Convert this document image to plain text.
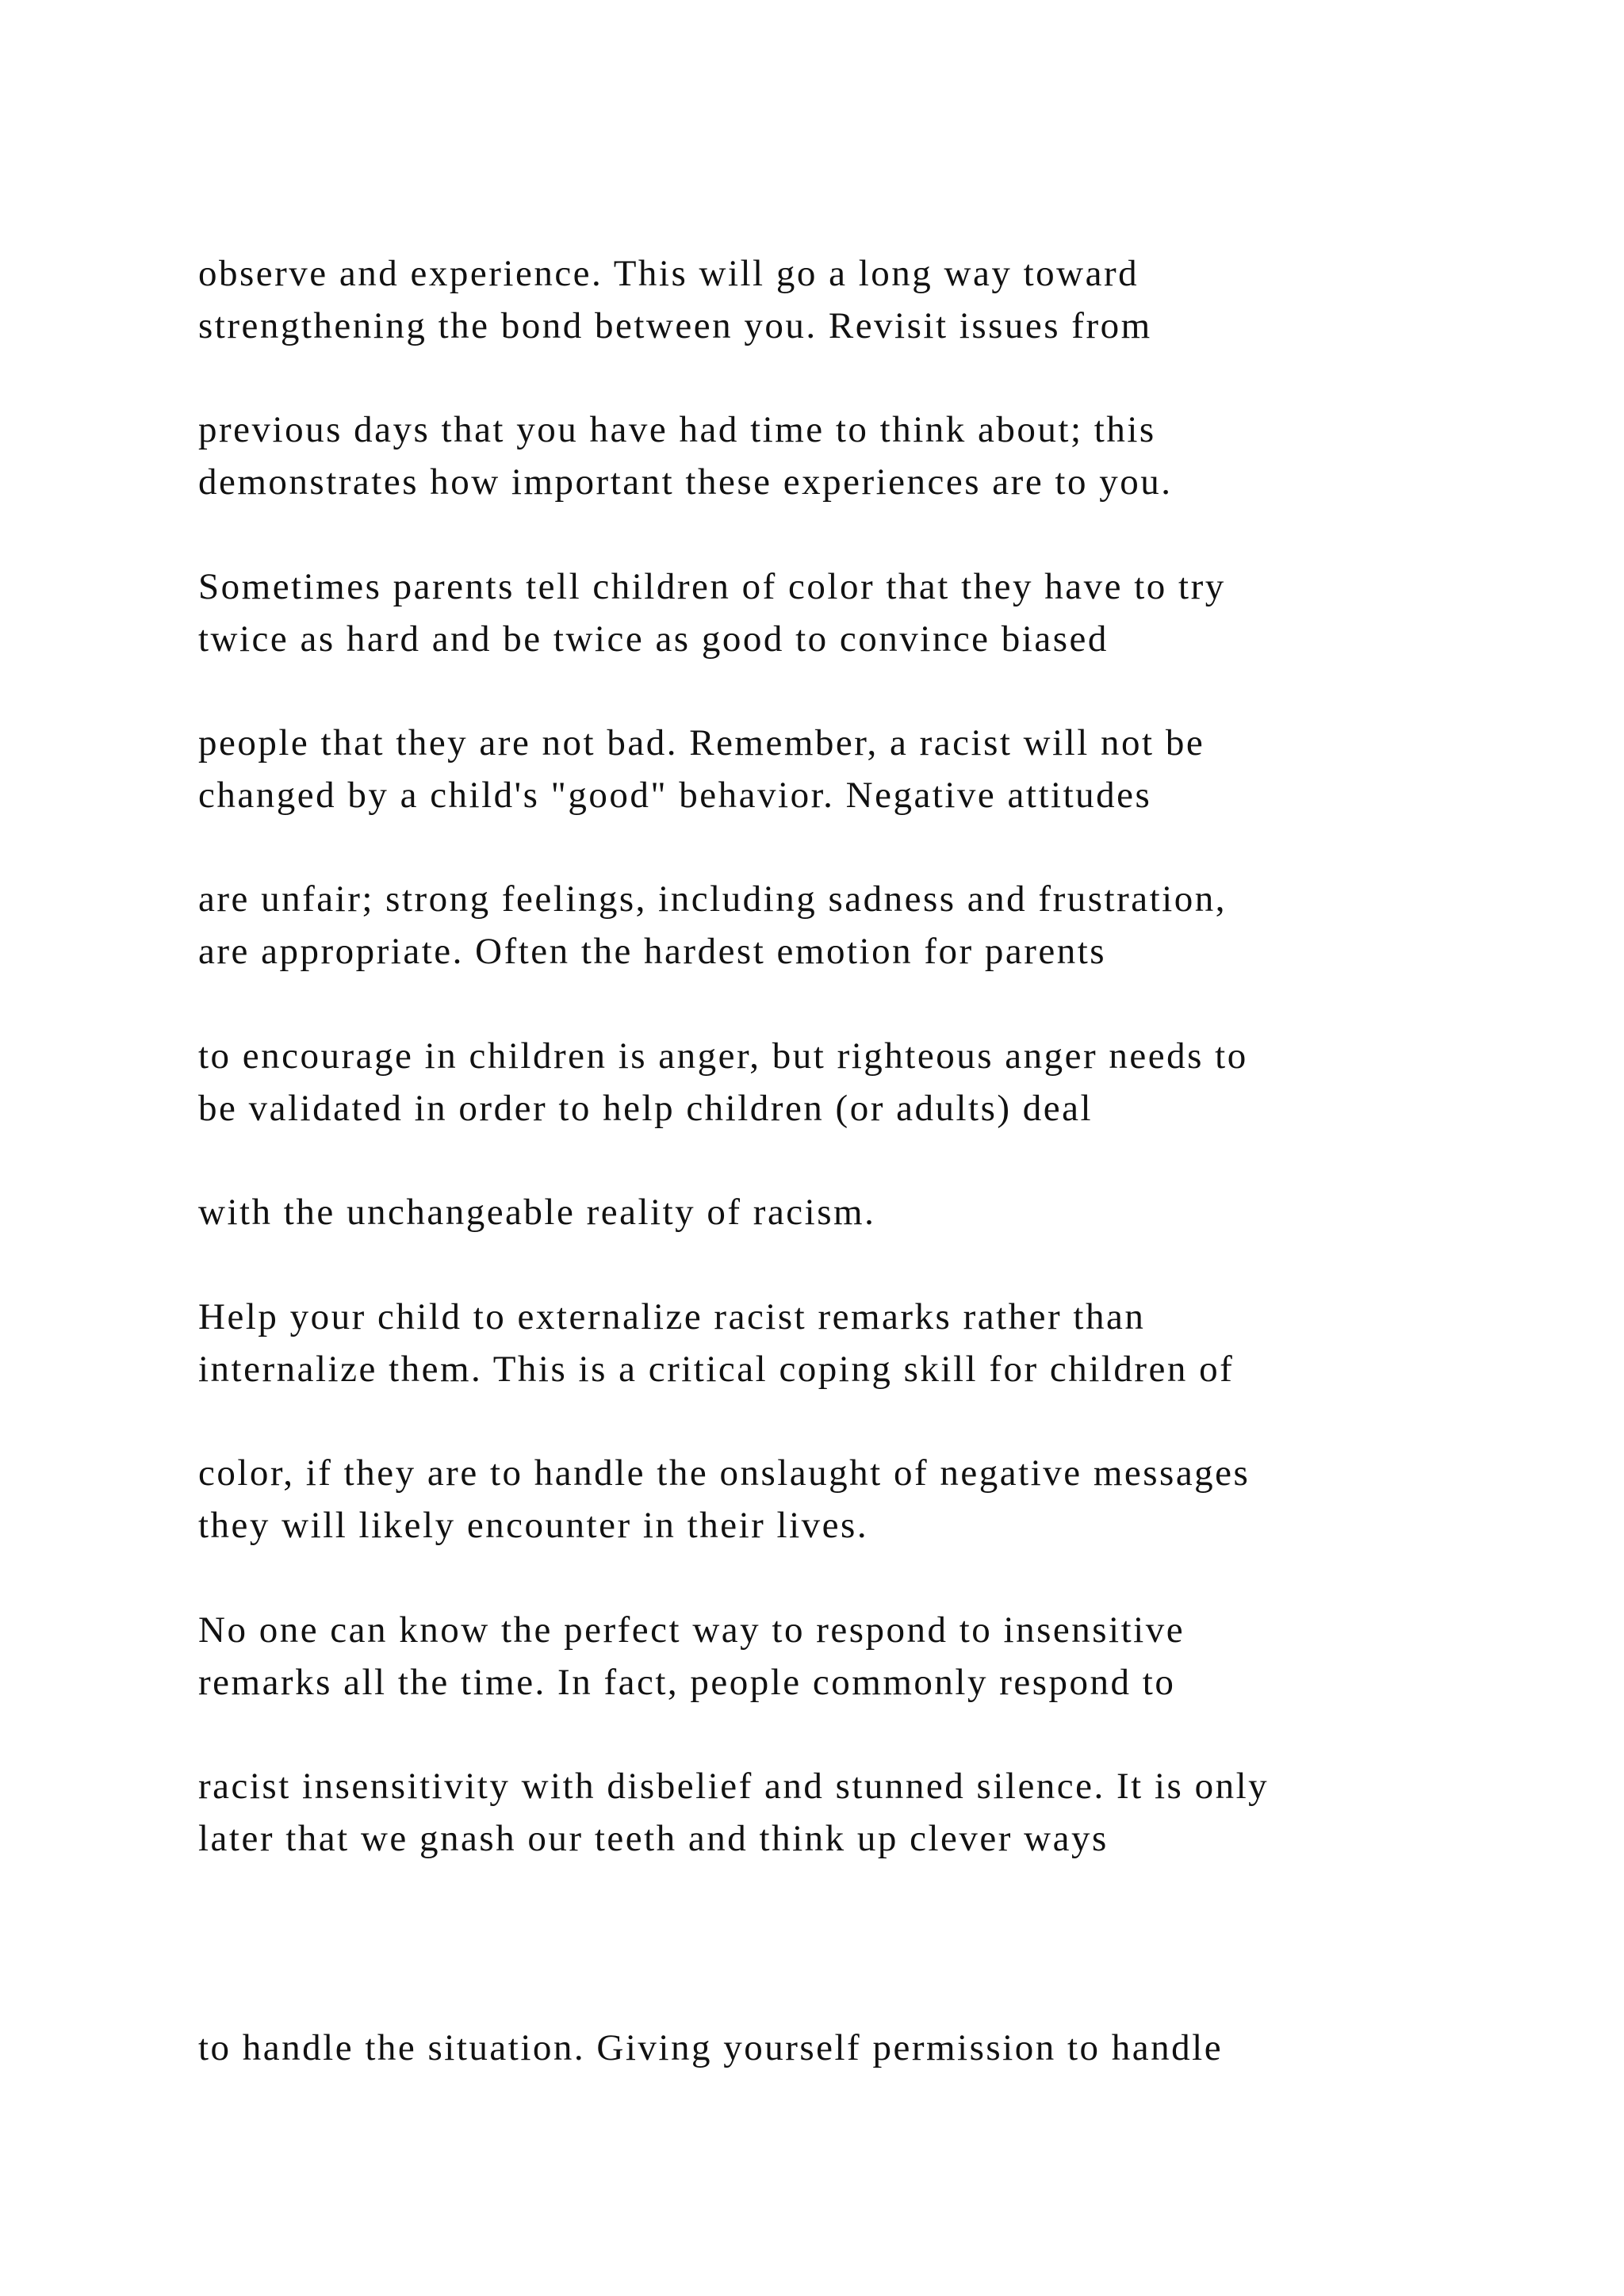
observe and experience. This will go a long way toward

strengthening the bond between you. Revisit issues from

previous days that you have had time to think about; this

demonstrates how important these experiences are to you.

Sometimes parents tell children of color that they have to try

twice as hard and be twice as good to convince biased

people that they are not bad. Remember, a racist will not be

changed by a child's "good" behavior. Negative attitudes

are unfair; strong feelings, including sadness and frustration,

are appropriate. Often the hardest emotion for parents

to encourage in children is anger, but righteous anger needs to

be validated in order to help children (or adults) deal

with the unchangeable reality of racism.

Help your child to externalize racist remarks rather than

internalize them. This is a critical coping skill for children of

color, if they are to handle the onslaught of negative messages

they will likely encounter in their lives.

No one can know the perfect way to respond to insensitive

remarks all the time. In fact, people commonly respond to

racist insensitivity with disbelief and stunned silence. It is only

later that we gnash our teeth and think up clever ways

to handle the situation. Giving yourself permission to handle
